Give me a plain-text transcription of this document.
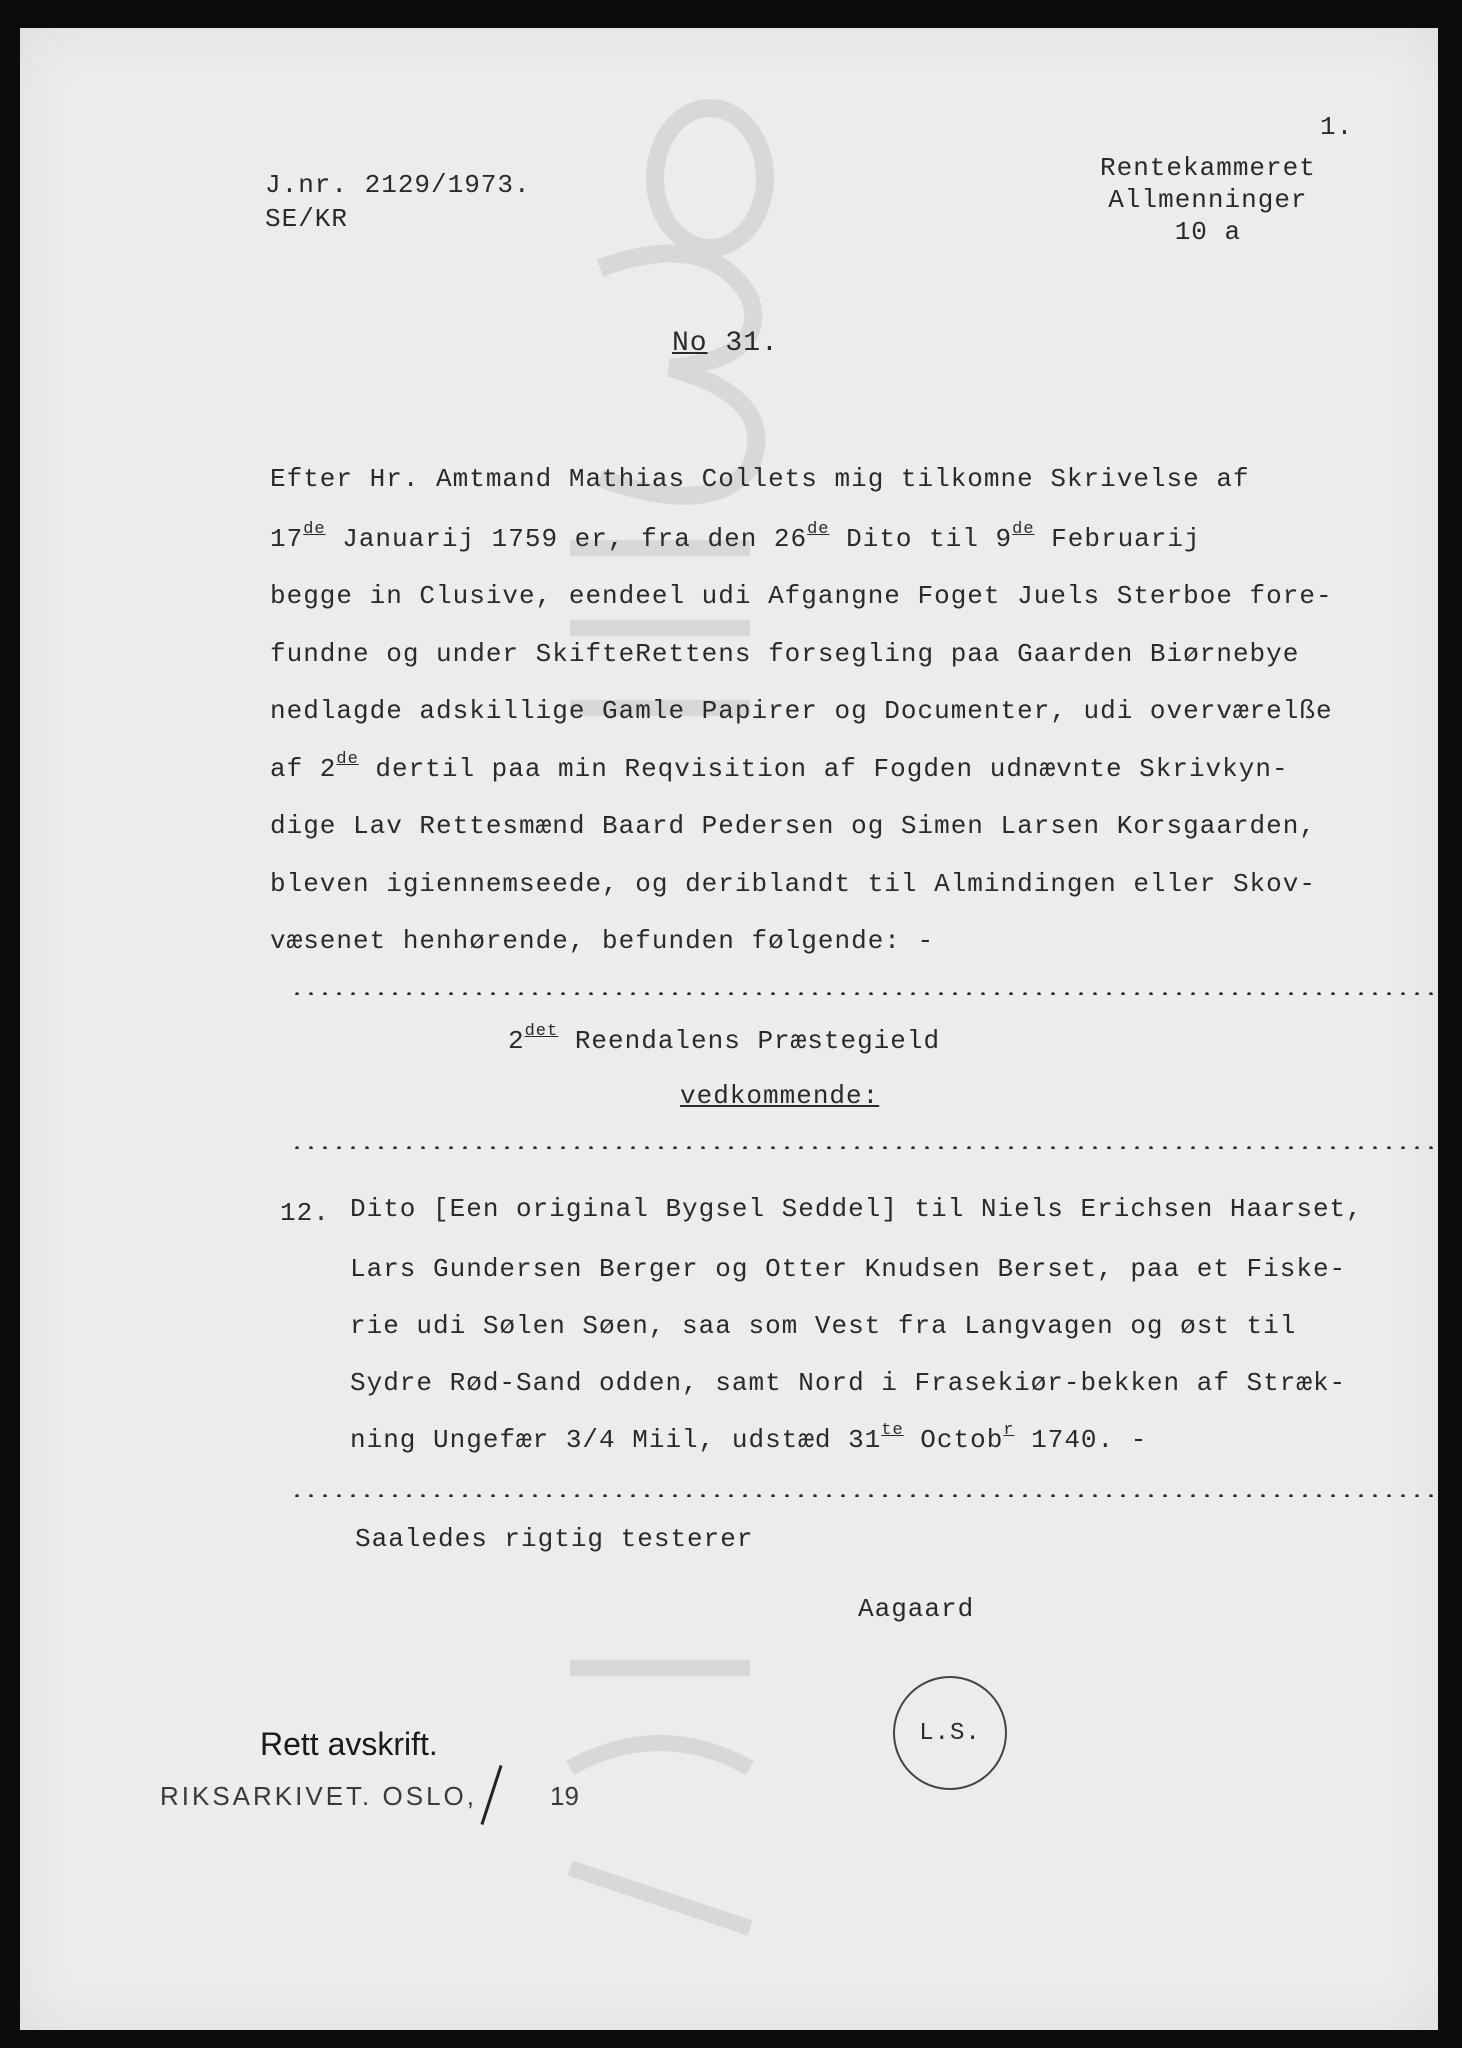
1.
J.nr. 2129/1973.
SE/KR
Rentekammeret
Allmenninger
10 a
No 31.
Efter Hr. Amtmand Mathias Collets mig tilkomne Skrivelse af
17de Januarij 1759 er, fra den 26de Dito til 9de Februarij
begge in Clusive, eendeel udi Afgangne Foget Juels Sterboe fore-
fundne og under SkifteRettens forsegling paa Gaarden Biørnebye
nedlagde adskillige Gamle Papirer og Documenter, udi overværelße
af 2de dertil paa min Reqvisition af Fogden udnævnte Skrivkyn-
dige Lav Rettesmænd Baard Pedersen og Simen Larsen Korsgaarden,
bleven igiennemseede, og deriblandt til Almindingen eller Skov-
væsenet henhørende, befunden følgende: -
$2^{det}$ Reendalens Præstegield
vedkommende:
12. Dito [Een original Bygsel Seddel] til Niels Erichsen Haarset,
Lars Gundersen Berger og Otter Knudsen Berset, paa et Fiske-
rie udi Sølen Søen, saa som Vest fra Langvagen og øst til
Sydre Rød-Sand odden, samt Nord i Frasekiør-bekken af Stræk-
ning Ungefær 3/4 Miil, udstæd $31^{te}$ Octob$^r$ 1740. -
Saaledes rigtig testerer
Aagaard
L.S.
Rett avskrift.
RIKSARKIVET. OSLO,	19
